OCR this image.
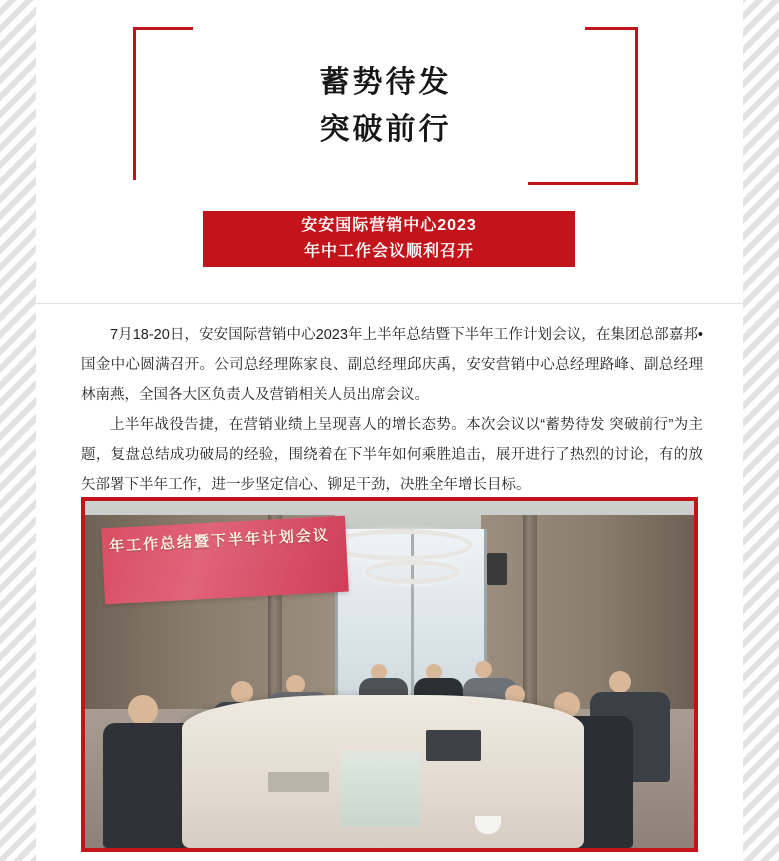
蓄势待发
突破前行
安安国际营销中心2023
年中工作会议顺利召开

7月18-20日，安安国际营销中心2023年上半年总结暨下半年工作计划会议，在集团总部嘉邦•国金中心圆满召开。公司总经理陈家良、副总经理邱庆禹，安安营销中心总经理路峰、副总经理林南燕，全国各大区负责人及营销相关人员出席会议。

上半年战役告捷，在营销业绩上呈现喜人的增长态势。本次会议以“蓄势待发 突破前行”为主题，复盘总结成功破局的经验，围绕着在下半年如何乘胜追击，展开进行了热烈的讨论，有的放矢部署下半年工作，进一步坚定信心、铆足干劲，决胜全年增长目标。

年工作总结暨下半年计划会议
